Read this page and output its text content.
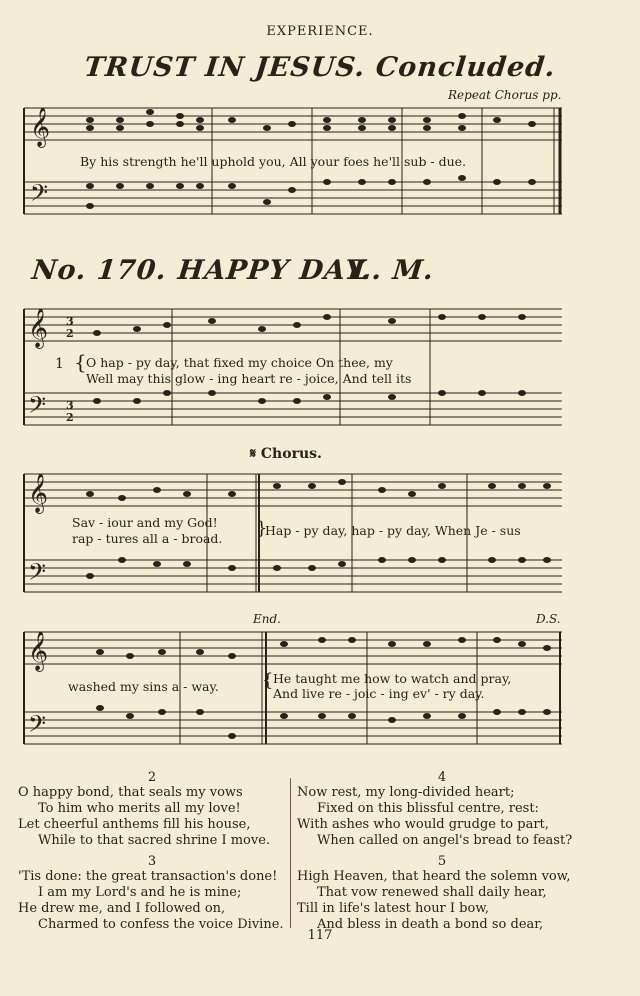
EXPERIENCE.
TRUST IN JESUS. Concluded.
No. 170. HAPPY DAY.
L. M.
Repeat Chorus pp.
𝄞
𝄢
By his strength he'll uphold you, All your foes he'll sub - due.
𝄞
𝄢
3
2
3
2
1 { O hap - py day, that fixed my choice On thee, my
Well may this glow - ing heart re - joice, And tell its
𝄋 Chorus.
𝄞
𝄢
Sav - iour and my God!
rap - tures all a - broad. }
Hap - py day, hap - py day, When Je - sus
End.	D.S.
𝄞
𝄢
washed my sins a - way. { He taught me how to watch and pray,
And live re - joic - ing ev' - ry day.
2
O happy bond, that seals my vows
To him who merits all my love!
Let cheerful anthems fill his house,
While to that sacred shrine I move.
3
'Tis done: the great transaction's done!
I am my Lord's and he is mine;
He drew me, and I followed on,
Charmed to confess the voice Divine.
4
Now rest, my long-divided heart;
Fixed on this blissful centre, rest:
With ashes who would grudge to part,
When called on angel's bread to feast?
5
High Heaven, that heard the solemn vow,
That vow renewed shall daily hear,
Till in life's latest hour I bow,
And bless in death a bond so dear,
117
